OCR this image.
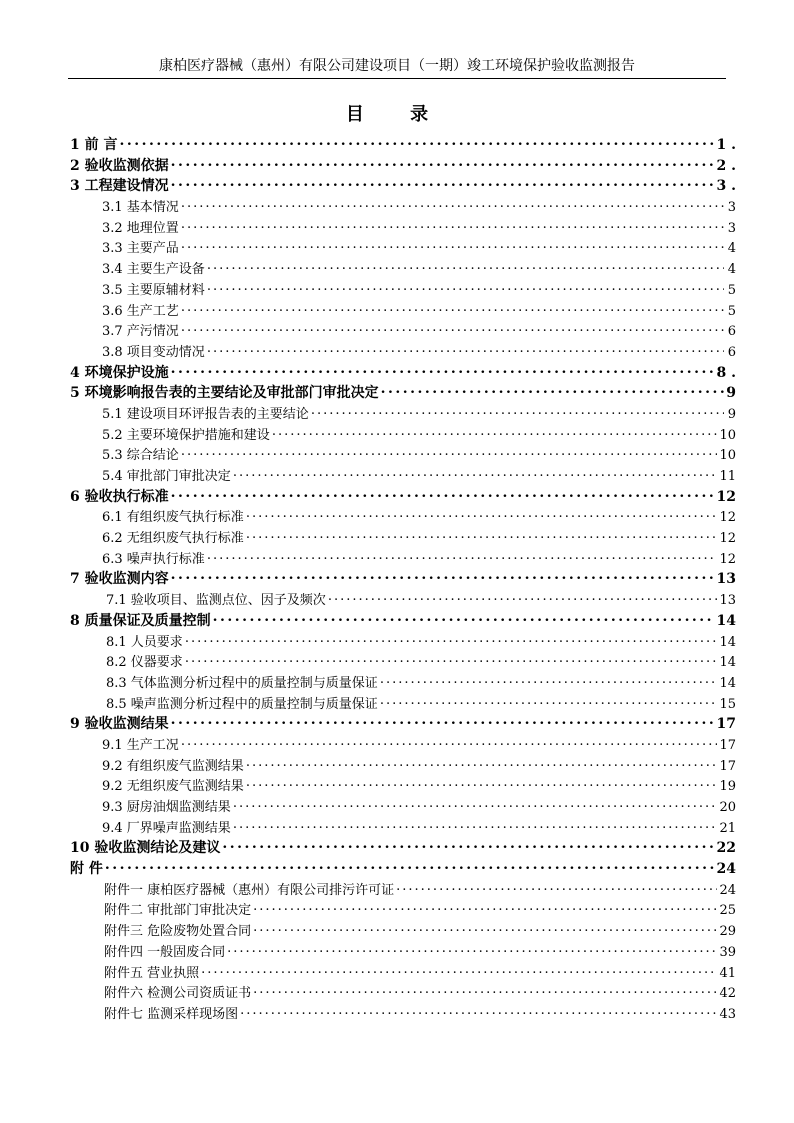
康柏医疗器械（惠州）有限公司建设项目（一期）竣工环境保护验收监测报告
目 录
1 前 言 .....	1 .
2 验收监测依据 .....	2 .
3 工程建设情况 .....	3 .
3.1 基本情况 .....	3
3.2 地理位置 .....	3
3.3 主要产品 .....	4
3.4 主要生产设备 .....	4
3.5 主要原辅材料 .....	5
3.6 生产工艺 .....	5
3.7 产污情况 .....	6
3.8 项目变动情况 .....	6
4 环境保护设施 .....	8 .
5 环境影响报告表的主要结论及审批部门审批决定 .....	9
5.1 建设项目环评报告表的主要结论 .....	9
5.2 主要环境保护措施和建设 .....	10
5.3 综合结论 .....	10
5.4 审批部门审批决定 .....	11
6 验收执行标准 .....	12
6.1 有组织废气执行标准 .....	12
6.2 无组织废气执行标准 .....	12
6.3 噪声执行标准 .....	12
7 验收监测内容 .....	13
7.1 验收项目、监测点位、因子及频次 .....	13
8 质量保证及质量控制 .....	14
8.1 人员要求 .....	14
8.2 仪器要求 .....	14
8.3 气体监测分析过程中的质量控制与质量保证 .....	14
8.5 噪声监测分析过程中的质量控制与质量保证 .....	15
9 验收监测结果 .....	17
9.1 生产工况 .....	17
9.2 有组织废气监测结果 .....	17
9.2 无组织废气监测结果 .....	19
9.3 厨房油烟监测结果 .....	20
9.4 厂界噪声监测结果 .....	21
10 验收监测结论及建议 .....	22
附 件 .....	24
附件一 康柏医疗器械（惠州）有限公司排污许可证 .....	24
附件二 审批部门审批决定 .....	25
附件三 危险废物处置合同 .....	29
附件四 一般固废合同 .....	39
附件五 营业执照 .....	41
附件六 检测公司资质证书 .....	42
附件七 监测采样现场图 .....	43
